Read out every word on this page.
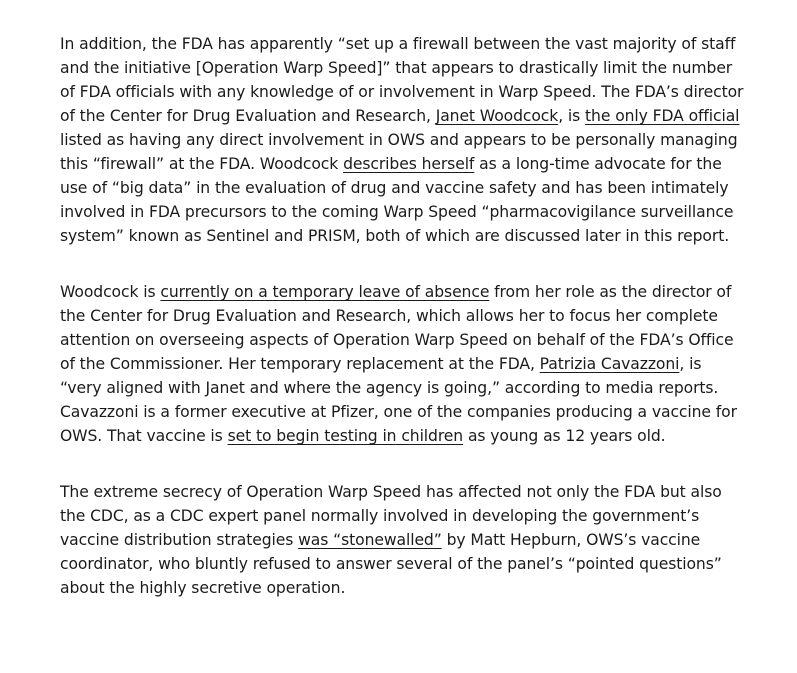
In addition, the FDA has apparently “set up a firewall between the vast majority of staff and the initiative [Operation Warp Speed]” that appears to drastically limit the number of FDA officials with any knowledge of or involvement in Warp Speed. The FDA’s director of the Center for Drug Evaluation and Research, Janet Woodcock, is the only FDA official listed as having any direct involvement in OWS and appears to be personally managing this “firewall” at the FDA. Woodcock describes herself as a long-time advocate for the use of “big data” in the evaluation of drug and vaccine safety and has been intimately involved in FDA precursors to the coming Warp Speed “pharmacovigilance surveillance system” known as Sentinel and PRISM, both of which are discussed later in this report.

Woodcock is currently on a temporary leave of absence from her role as the director of the Center for Drug Evaluation and Research, which allows her to focus her complete attention on overseeing aspects of Operation Warp Speed on behalf of the FDA’s Office of the Commissioner. Her temporary replacement at the FDA, Patrizia Cavazzoni, is “very aligned with Janet and where the agency is going,” according to media reports. Cavazzoni is a former executive at Pfizer, one of the companies producing a vaccine for OWS. That vaccine is set to begin testing in children as young as 12 years old.

The extreme secrecy of Operation Warp Speed has affected not only the FDA but also the CDC, as a CDC expert panel normally involved in developing the government’s vaccine distribution strategies was “stonewalled” by Matt Hepburn, OWS’s vaccine coordinator, who bluntly refused to answer several of the panel’s “pointed questions” about the highly secretive operation.
